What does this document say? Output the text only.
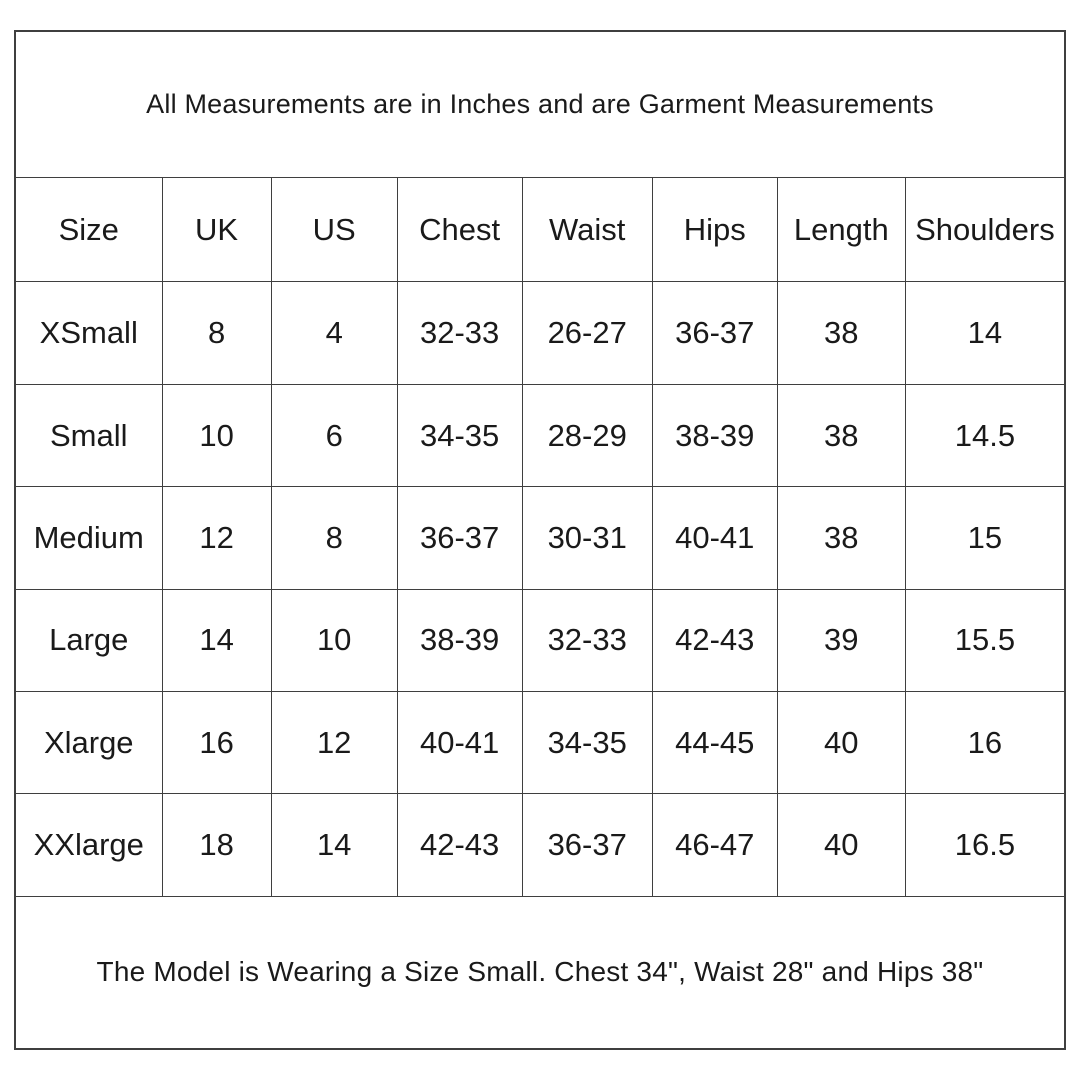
All Measurements are in Inches and are Garment Measurements							
Size	UK	US	Chest	Waist	Hips	Length	Shoulders
XSmall	8	4	32-33	26-27	36-37	38	14
Small	10	6	34-35	28-29	38-39	38	14.5
Medium	12	8	36-37	30-31	40-41	38	15
Large	14	10	38-39	32-33	42-43	39	15.5
Xlarge	16	12	40-41	34-35	44-45	40	16
XXlarge	18	14	42-43	36-37	46-47	40	16.5
The Model is Wearing a Size Small. Chest 34", Waist 28" and Hips 38"							
